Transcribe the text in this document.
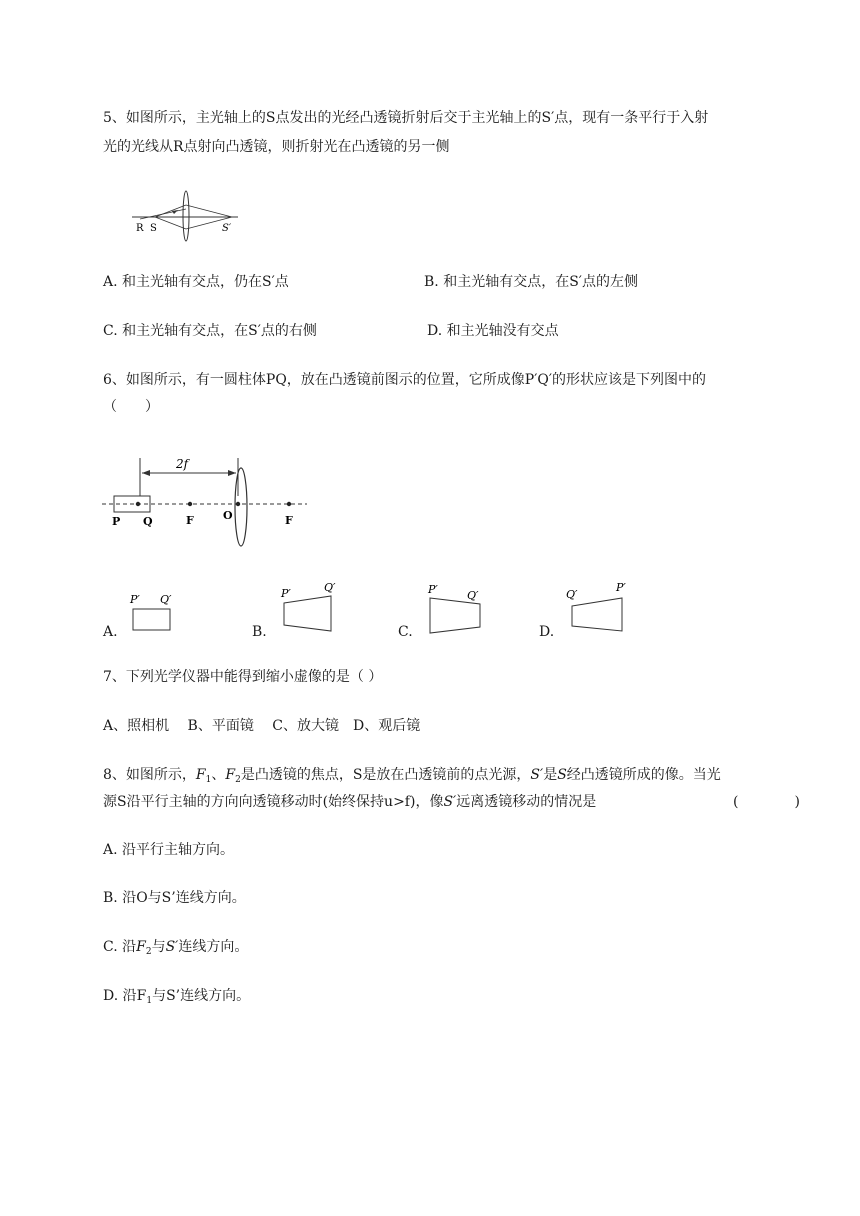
5、如图所示，主光轴上的S点发出的光经凸透镜折射后交于主光轴上的S′点，现有一条平行于入射
光的光线从R点射向凸透镜，则折射光在凸透镜的另一侧
R S	S′
A. 和主光轴有交点，仍在S′点	B. 和主光轴有交点，在S′点的左侧
C. 和主光轴有交点，在S′点的右侧	D. 和主光轴没有交点
6、如图所示，有一圆柱体PQ，放在凸透镜前图示的位置，它所成像P′Q′的形状应该是下列图中的
（　　）
2f
P Q	F	O	F
A.
P′ Q′
B.
P′	Q′
C.
P′	Q′
D.
Q′
P′
7、下列光学仪器中能得到缩小虚像的是（ ）
A、照相机　 B、平面镜　 C、放大镜　D、观后镜
8、如图所示，$F_1$、$F_2$是凸透镜的焦点，S是放在凸透镜前的点光源，S′是S经凸透镜所成的像。当光
源S沿平行主轴的方向向透镜移动时(始终保持u>f)，像S′远离透镜移动的情况是	(　　　　)
A. 沿平行主轴方向。
B. 沿O与S’连线方向。
C. 沿$F_2$与S′连线方向。
D. 沿$F_1$与S’连线方向。
